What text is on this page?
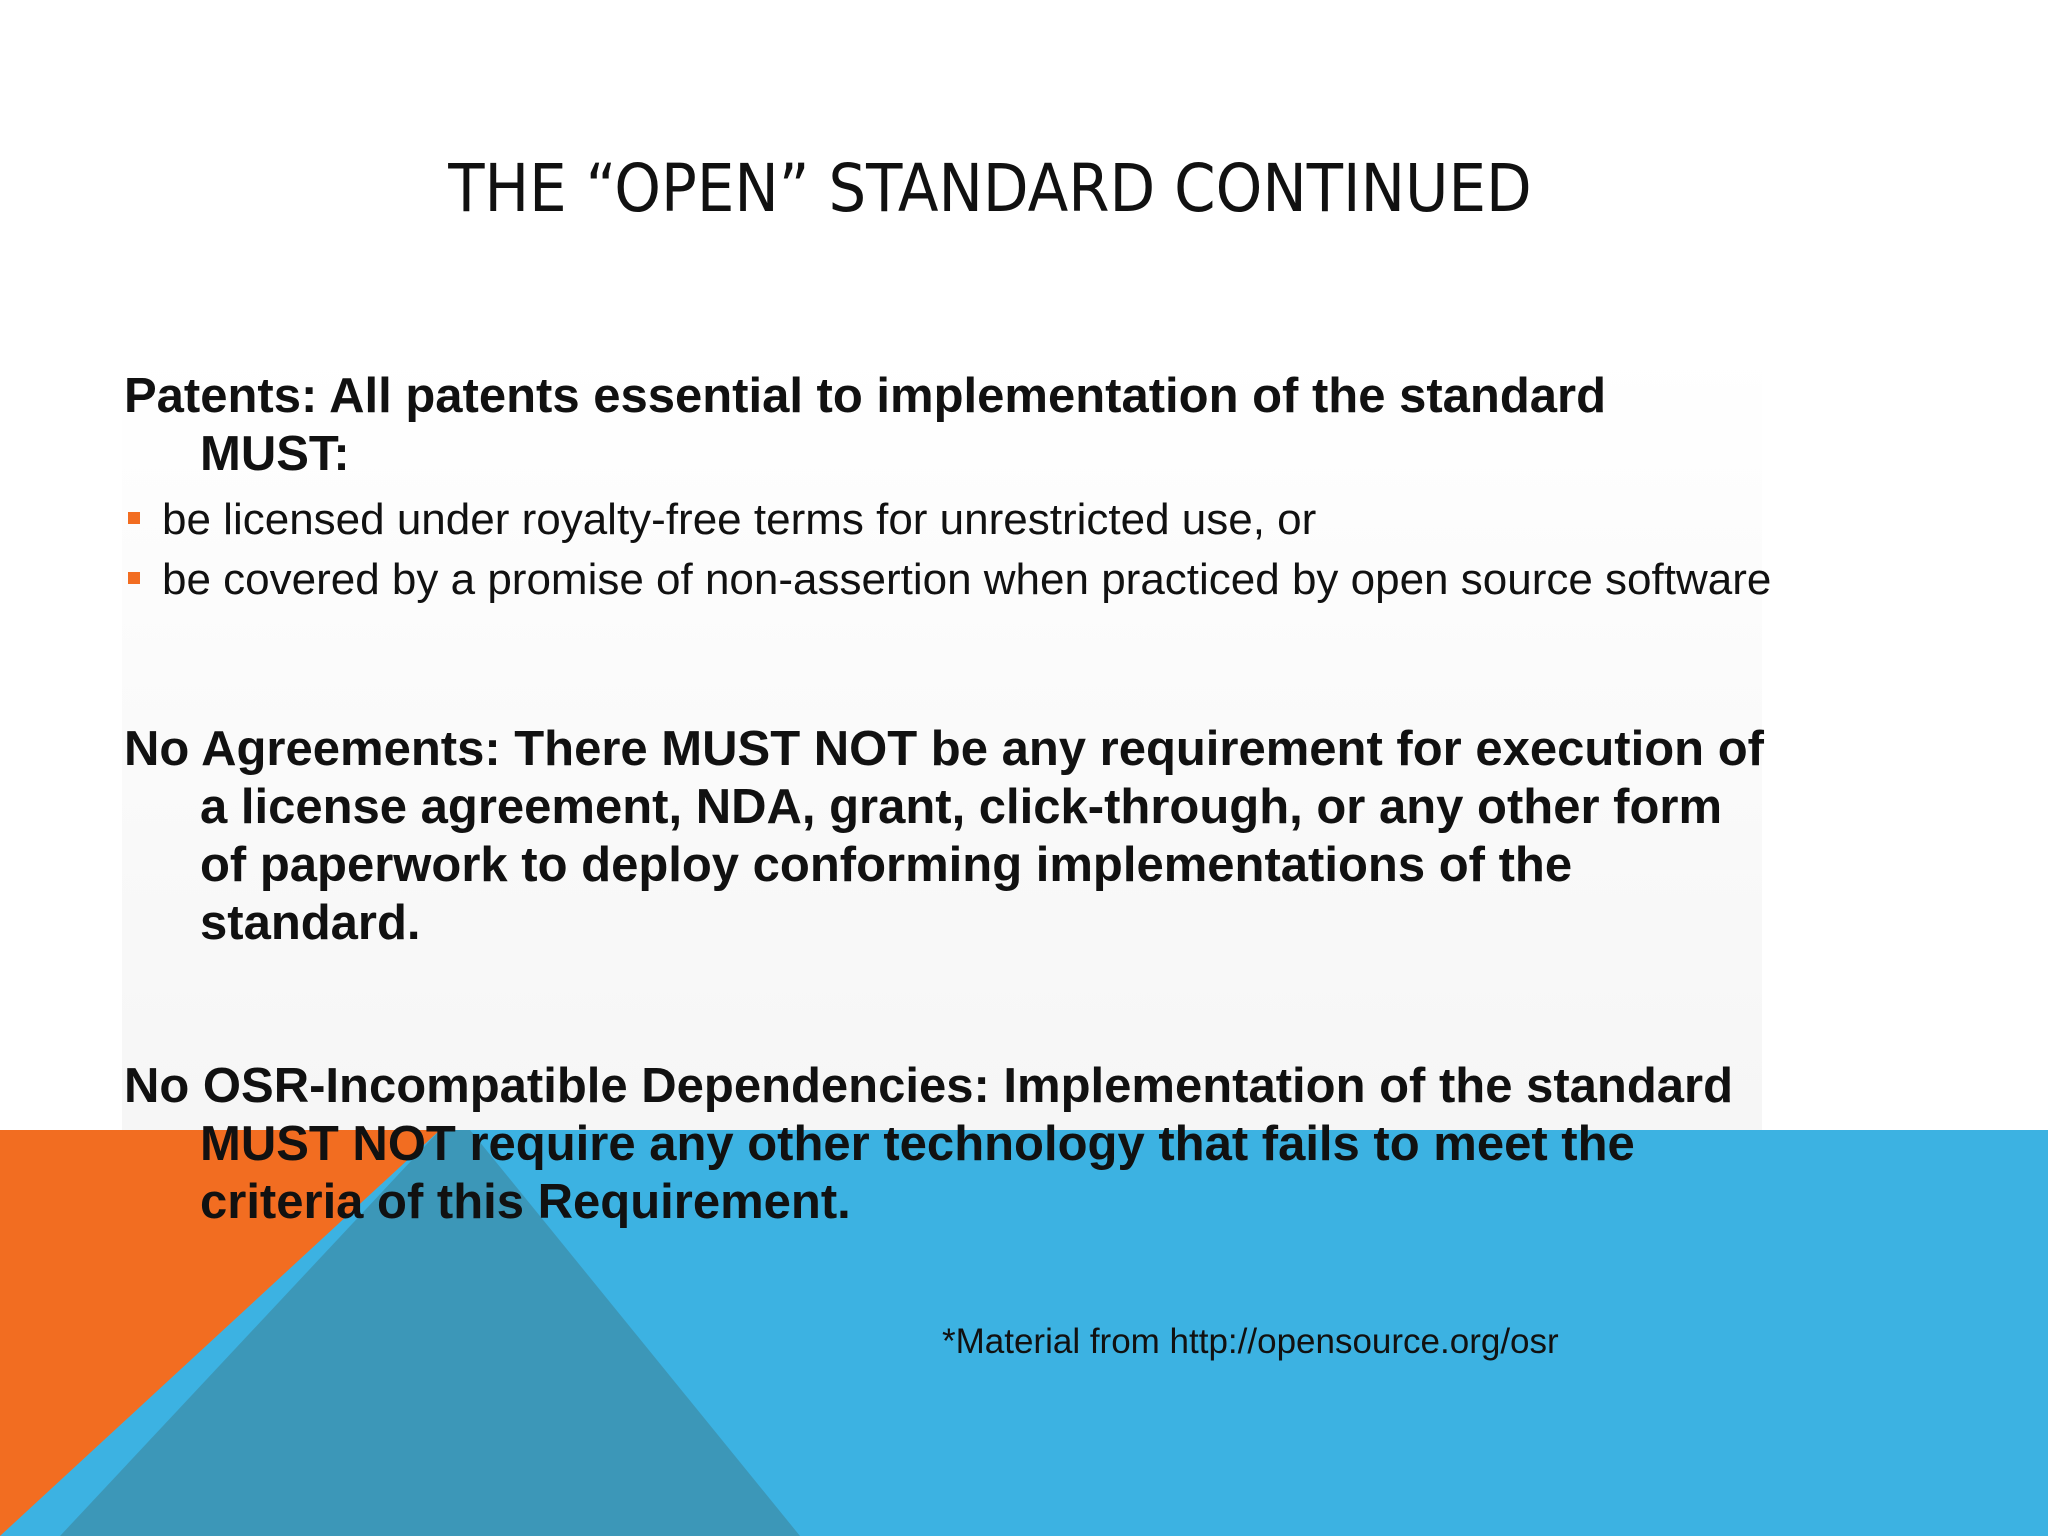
THE “OPEN” STANDARD CONTINUED
Patents: All patents essential to implementation of the standard MUST:
be licensed under royalty-free terms for unrestricted use, or
be covered by a promise of non-assertion when practiced by open source software
No Agreements: There MUST NOT be any requirement for execution of a license agreement, NDA, grant, click-through, or any other form of paperwork to deploy conforming implementations of the standard.
No OSR-Incompatible Dependencies: Implementation of the standard MUST NOT require any other technology that fails to meet the criteria of this Requirement.
*Material from http://opensource.org/osr
